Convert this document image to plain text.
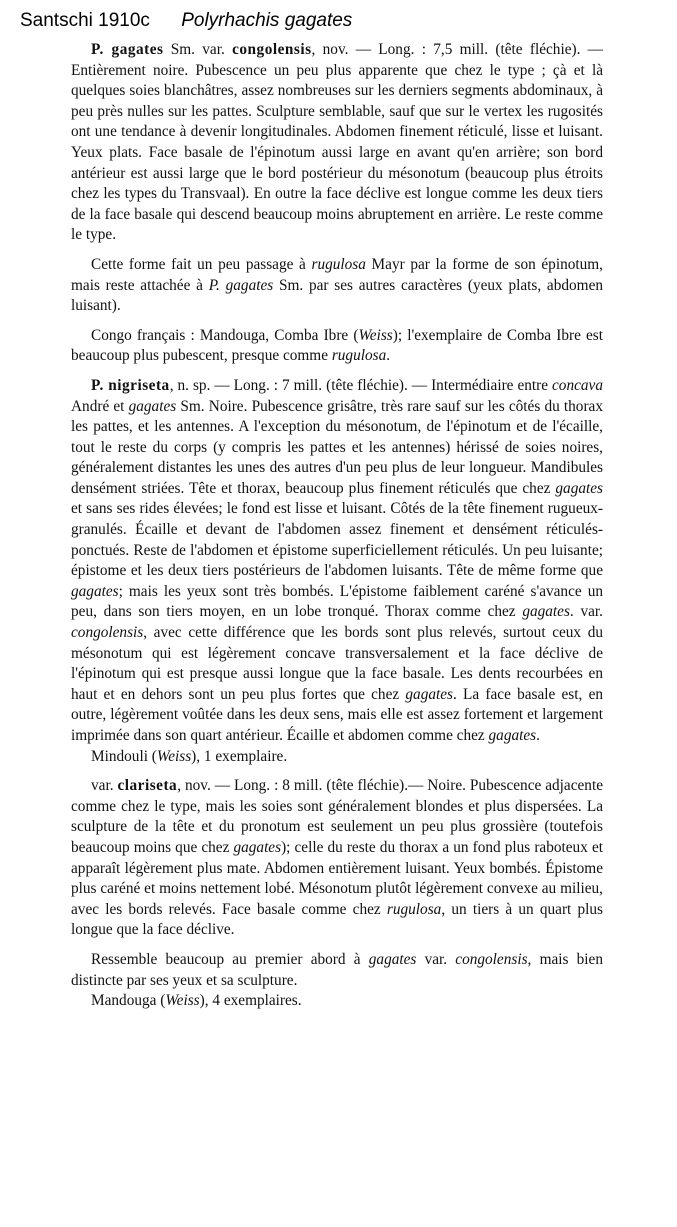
Santschi 1910c Polyrhachis gagates

P. gagates Sm. var. congolensis, nov. — Long. : 7,5 mill. (tête fléchie). — Entièrement noire. Pubescence un peu plus apparente que chez le type ; çà et là quelques soies blanchâtres, assez nombreuses sur les derniers segments abdominaux, à peu près nulles sur les pattes. Sculpture semblable, sauf que sur le vertex les rugosités ont une tendance à devenir longitudinales. Abdomen finement réticulé, lisse et luisant. Yeux plats. Face basale de l'épinotum aussi large en avant qu'en arrière; son bord antérieur est aussi large que le bord postérieur du mésonotum (beaucoup plus étroits chez les types du Transvaal). En outre la face déclive est longue comme les deux tiers de la face basale qui descend beaucoup moins abruptement en arrière. Le reste comme le type.

Cette forme fait un peu passage à rugulosa Mayr par la forme de son épinotum, mais reste attachée à P. gagates Sm. par ses autres caractères (yeux plats, abdomen luisant).

Congo français : Mandouga, Comba Ibre (Weiss); l'exemplaire de Comba Ibre est beaucoup plus pubescent, presque comme rugulosa.

P. nigriseta, n. sp. — Long. : 7 mill. (tête fléchie). — Intermédiaire entre concava André et gagates Sm. Noire. Pubescence grisâtre, très rare sauf sur les côtés du thorax les pattes, et les antennes. A l'exception du mésonotum, de l'épinotum et de l'écaille, tout le reste du corps (y compris les pattes et les antennes) hérissé de soies noires, généralement distantes les unes des autres d'un peu plus de leur longueur. Mandibules densément striées. Tête et thorax, beaucoup plus finement réticulés que chez gagates et sans ses rides élevées; le fond est lisse et luisant. Côtés de la tête finement rugueux-granulés. Écaille et devant de l'abdomen assez finement et densément réticulés-ponctués. Reste de l'abdomen et épistome superficiellement réticulés. Un peu luisante; épistome et les deux tiers postérieurs de l'abdomen luisants. Tête de même forme que gagates; mais les yeux sont très bombés. L'épistome faiblement caréné s'avance un peu, dans son tiers moyen, en un lobe tronqué. Thorax comme chez gagates. var. congolensis, avec cette différence que les bords sont plus relevés, surtout ceux du mésonotum qui est légèrement concave transversalement et la face déclive de l'épinotum qui est presque aussi longue que la face basale. Les dents recourbées en haut et en dehors sont un peu plus fortes que chez gagates. La face basale est, en outre, légèrement voûtée dans les deux sens, mais elle est assez fortement et largement imprimée dans son quart antérieur. Écaille et abdomen comme chez gagates.

Mindouli (Weiss), 1 exemplaire.

var. clariseta, nov. — Long. : 8 mill. (tête fléchie).— Noire. Pubescence adjacente comme chez le type, mais les soies sont généralement blondes et plus dispersées. La sculpture de la tête et du pronotum est seulement un peu plus grossière (toutefois beaucoup moins que chez gagates); celle du reste du thorax a un fond plus raboteux et apparaît légèrement plus mate. Abdomen entièrement luisant. Yeux bombés. Épistome plus caréné et moins nettement lobé. Mésonotum plutôt légèrement convexe au milieu, avec les bords relevés. Face basale comme chez rugulosa, un tiers à un quart plus longue que la face déclive.

Ressemble beaucoup au premier abord à gagates var. congolensis, mais bien distincte par ses yeux et sa sculpture.

Mandouga (Weiss), 4 exemplaires.
